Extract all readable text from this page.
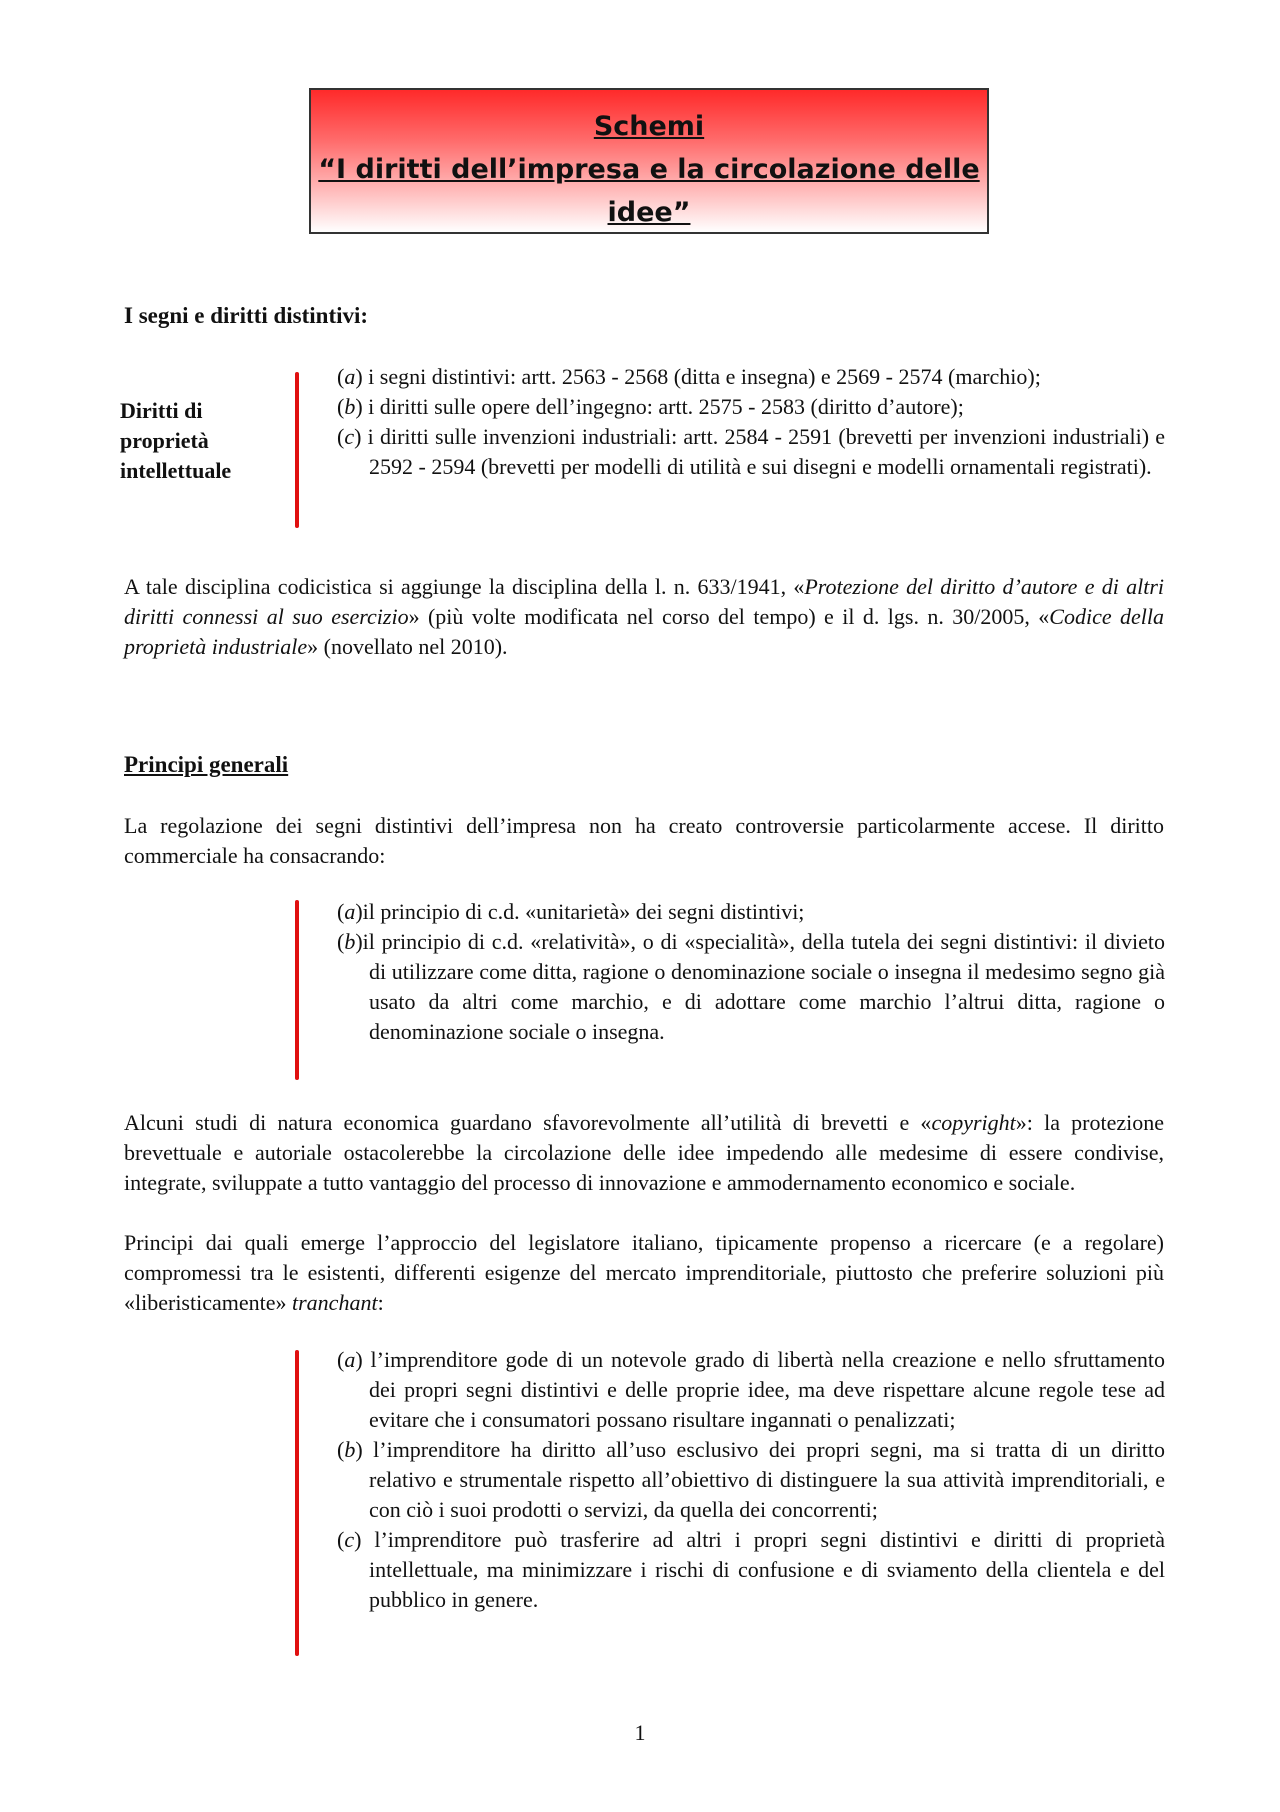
Schemi
“I diritti dell’impresa e la circolazione delle
idee”
I segni e diritti distintivi:
Diritti di
proprietà
intellettuale
(a) i segni distintivi: artt. 2563 - 2568 (ditta e insegna) e 2569 - 2574 (marchio);
(b) i diritti sulle opere dell’ingegno: artt. 2575 - 2583 (diritto d’autore);
(c) i diritti sulle invenzioni industriali: artt. 2584 - 2591 (brevetti per invenzioni industriali) e 2592 - 2594 (brevetti per modelli di utilità e sui disegni e modelli ornamentali registrati).
A tale disciplina codicistica si aggiunge la disciplina della l. n. 633/1941, «Protezione del diritto d’autore e di altri diritti connessi al suo esercizio» (più volte modificata nel corso del tempo) e il d. lgs. n. 30/2005, «Codice della proprietà industriale» (novellato nel 2010).
Principi generali
La regolazione dei segni distintivi dell’impresa non ha creato controversie particolarmente accese. Il diritto commerciale ha consacrando:
(a)il principio di c.d. «unitarietà» dei segni distintivi;
(b)il principio di c.d. «relatività», o di «specialità», della tutela dei segni distintivi: il divieto di utilizzare come ditta, ragione o denominazione sociale o insegna il medesimo segno già usato da altri come marchio, e di adottare come marchio l’altrui ditta, ragione o denominazione sociale o insegna.
Alcuni studi di natura economica guardano sfavorevolmente all’utilità di brevetti e «copyright»: la protezione brevettuale e autoriale ostacolerebbe la circolazione delle idee impedendo alle medesime di essere condivise, integrate, sviluppate a tutto vantaggio del processo di innovazione e ammodernamento economico e sociale.
Principi dai quali emerge l’approccio del legislatore italiano, tipicamente propenso a ricercare (e a regolare) compromessi tra le esistenti, differenti esigenze del mercato imprenditoriale, piuttosto che preferire soluzioni più «liberisticamente» tranchant:
(a) l’imprenditore gode di un notevole grado di libertà nella creazione e nello sfruttamento dei propri segni distintivi e delle proprie idee, ma deve rispettare alcune regole tese ad evitare che i consumatori possano risultare ingannati o penalizzati;
(b) l’imprenditore ha diritto all’uso esclusivo dei propri segni, ma si tratta di un diritto relativo e strumentale rispetto all’obiettivo di distinguere la sua attività imprenditoriali, e con ciò i suoi prodotti o servizi, da quella dei concorrenti;
(c) l’imprenditore può trasferire ad altri i propri segni distintivi e diritti di proprietà intellettuale, ma minimizzare i rischi di confusione e di sviamento della clientela e del pubblico in genere.
1
